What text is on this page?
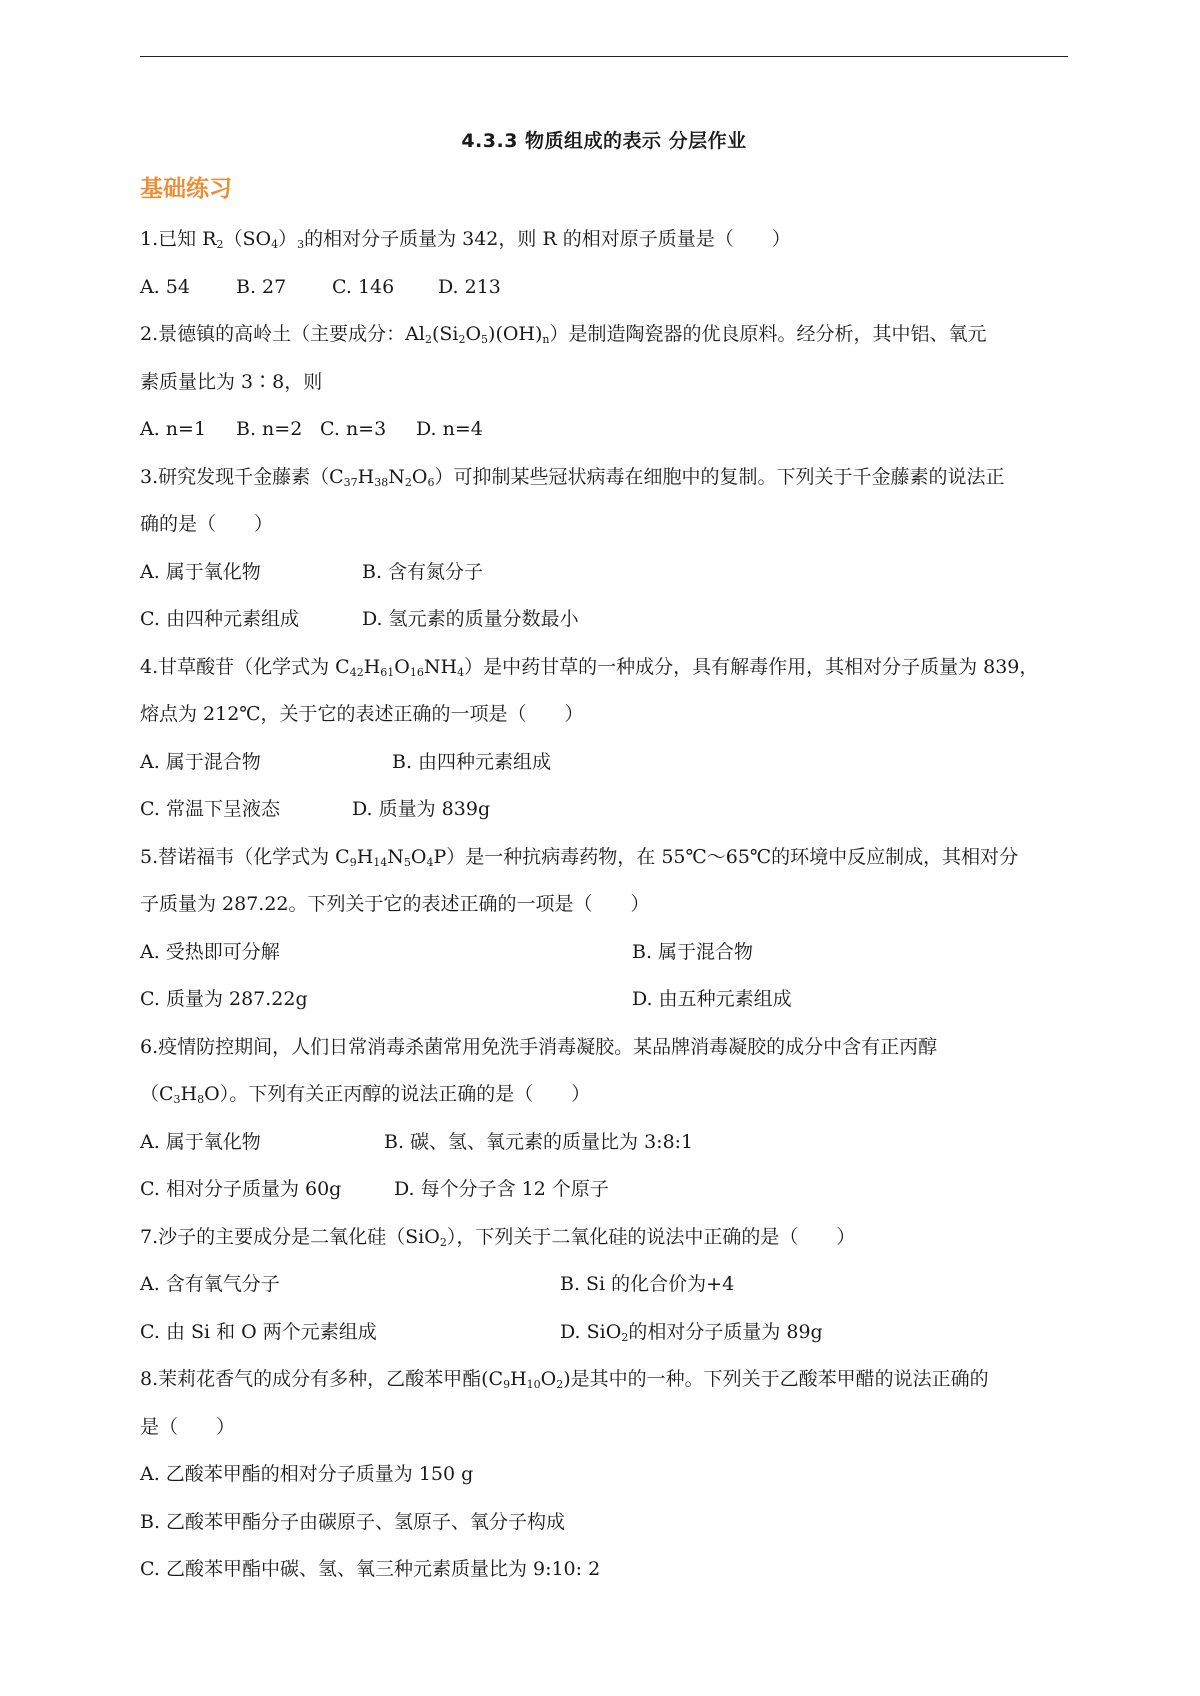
4.3.3 物质组成的表示 分层作业
基础练习
1.已知 $R_2(SO_4)_3$的相对分子质量为 342，则 R 的相对原子质量是（　　）
A. 54 B. 27 C. 146 D. 213
2.景德镇的高岭土（主要成分：$Al_2(Si_2O_5)(OH)_n$）是制造陶瓷器的优良原料。经分析，其中铝、氧元
素质量比为 3∶8，则
A. n=1 B. n=2 C. n=3 D. n=4
3.研究发现千金藤素$(C_{37}H_{38}N_2O_6)$可抑制某些冠状病毒在细胞中的复制。下列关于千金藤素的说法正
确的是（　　）
A. 属于氧化物	B. 含有氮分子
C. 由四种元素组成	D. 氢元素的质量分数最小
4.甘草酸苷（化学式为 $C_{42}H_{61}O_{16}NH_4$）是中药甘草的一种成分，具有解毒作用，其相对分子质量为 839，
熔点为 212℃，关于它的表述正确的一项是（　　）
A. 属于混合物	B. 由四种元素组成
C. 常温下呈液态	D. 质量为 839g
5.替诺福韦（化学式为 $C_9H_{14}N_5O_4P$）是一种抗病毒药物，在 55℃～65℃的环境中反应制成，其相对分
子质量为 287.22。下列关于它的表述正确的一项是（　　）
A. 受热即可分解	B. 属于混合物
C. 质量为 287.22g	D. 由五种元素组成
6.疫情防控期间，人们日常消毒杀菌常用免洗手消毒凝胶。某品牌消毒凝胶的成分中含有正丙醇
$(C_3H_8O)$。下列有关正丙醇的说法正确的是（　　）
A. 属于氧化物	B. 碳、氢、氧元素的质量比为 3:8:1
C. 相对分子质量为 60g	D. 每个分子含 12 个原子
7.沙子的主要成分是二氧化硅（SiO$_2$），下列关于二氧化硅的说法中正确的是（　　）
A. 含有氧气分子	B. Si 的化合价为+4
C. 由 Si 和 O 两个元素组成	D. SiO$_2$的相对分子质量为 89g
8.茉莉花香气的成分有多种，乙酸苯甲酯$(C_9H_{10}O_2)$是其中的一种。下列关于乙酸苯甲醋的说法正确的
是（　　）
A. 乙酸苯甲酯的相对分子质量为 150 g
B. 乙酸苯甲酯分子由碳原子、氢原子、氧分子构成
C. 乙酸苯甲酯中碳、氢、氧三种元素质量比为 9:10: 2
